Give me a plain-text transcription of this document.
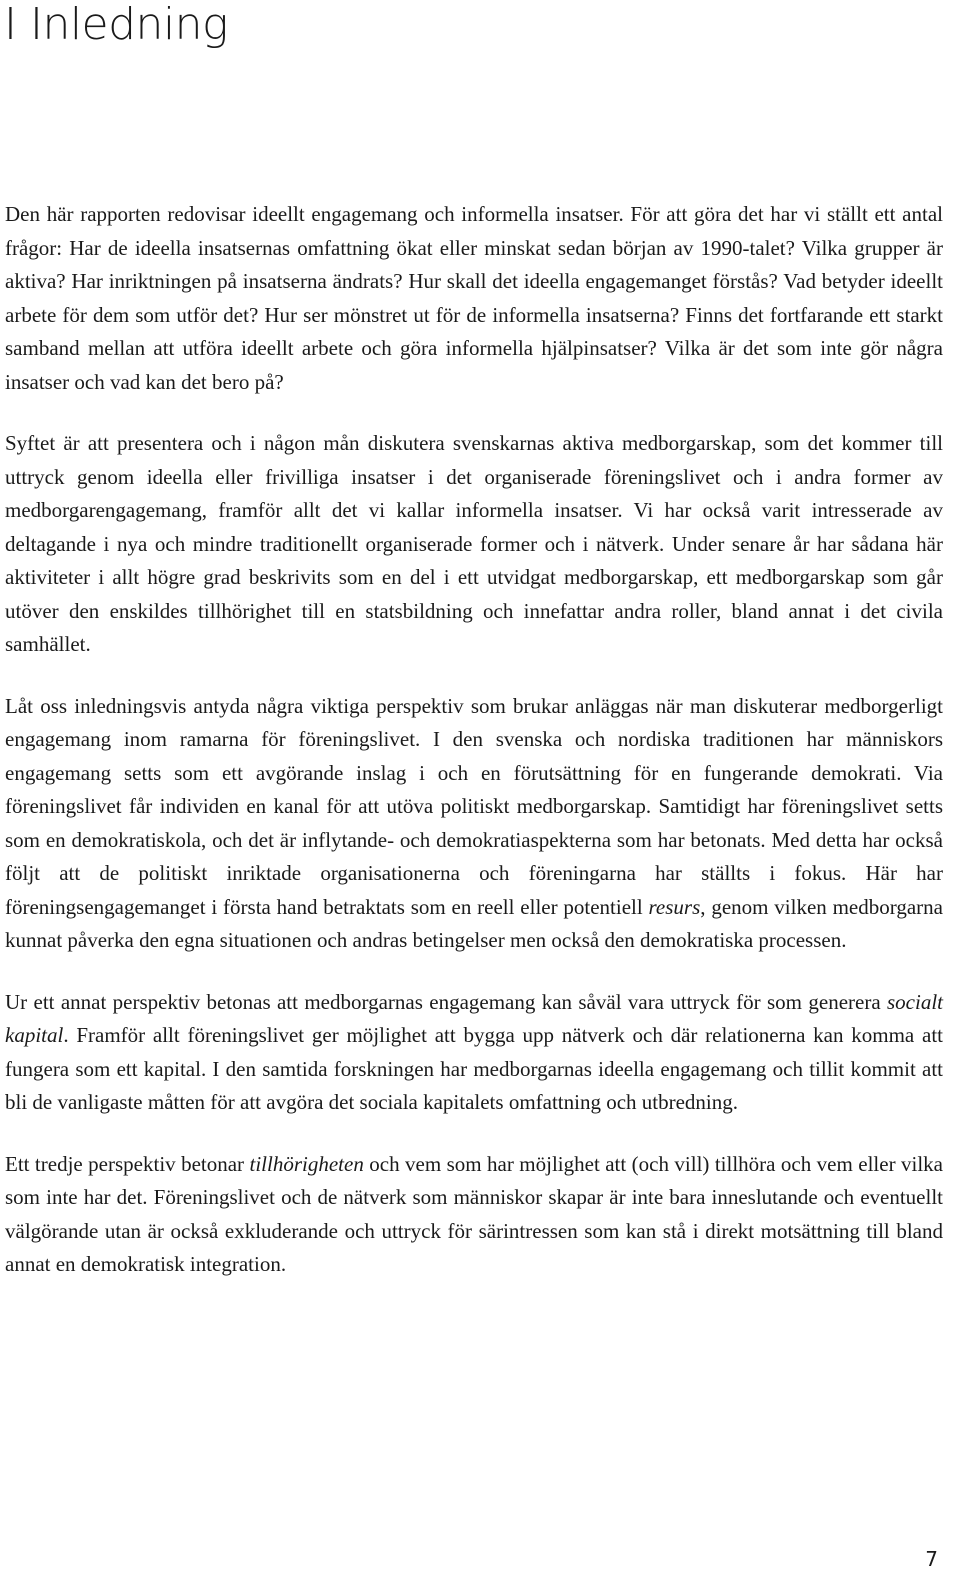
I Inledning

Den här rapporten redovisar ideellt engagemang och informella insatser. För att göra det har vi ställt ett antal frågor: Har de ideella insatsernas omfattning ökat eller minskat sedan början av 1990-talet? Vilka grupper är aktiva? Har inriktningen på insatserna ändrats? Hur skall det ideella engagemanget förstås? Vad betyder ideellt arbete för dem som utför det? Hur ser mönstret ut för de informella insatserna? Finns det fortfarande ett starkt samband mellan att utföra ideellt arbete och göra informella hjälpinsatser? Vilka är det som inte gör några insatser och vad kan det bero på?

Syftet är att presentera och i någon mån diskutera svenskarnas aktiva medborgarskap, som det kommer till uttryck genom ideella eller frivilliga insatser i det organiserade föreningslivet och i andra former av medborgarengagemang, framför allt det vi kallar informella insatser. Vi har också varit intresserade av deltagande i nya och mindre traditionellt organiserade former och i nätverk. Under senare år har sådana här aktiviteter i allt högre grad beskrivits som en del i ett utvidgat medborgarskap, ett medborgarskap som går utöver den enskildes tillhörighet till en statsbildning och innefattar andra roller, bland annat i det civila samhället.

Låt oss inledningsvis antyda några viktiga perspektiv som brukar anläggas när man diskuterar medborgerligt engagemang inom ramarna för föreningslivet. I den svenska och nordiska traditionen har människors engagemang setts som ett avgörande inslag i och en förutsättning för en fungerande demokrati. Via föreningslivet får individen en kanal för att utöva politiskt medborgarskap. Samtidigt har föreningslivet setts som en demokratiskola, och det är inflytande- och demokratiaspekterna som har betonats. Med detta har också följt att de politiskt inriktade organisationerna och föreningarna har ställts i fokus. Här har föreningsengagemanget i första hand betraktats som en reell eller potentiell resurs, genom vilken medborgarna kunnat påverka den egna situationen och andras betingelser men också den demokratiska processen.

Ur ett annat perspektiv betonas att medborgarnas engagemang kan såväl vara uttryck för som generera socialt kapital. Framför allt föreningslivet ger möjlighet att bygga upp nätverk och där relationerna kan komma att fungera som ett kapital. I den samtida forskningen har medborgarnas ideella engagemang och tillit kommit att bli de vanligaste måtten för att avgöra det sociala kapitalets omfattning och utbredning.

Ett tredje perspektiv betonar tillhörigheten och vem som har möjlighet att (och vill) tillhöra och vem eller vilka som inte har det. Föreningslivet och de nätverk som människor skapar är inte bara inneslutande och eventuellt välgörande utan är också exkluderande och uttryck för särintressen som kan stå i direkt motsättning till bland annat en demokratisk integration.

7
